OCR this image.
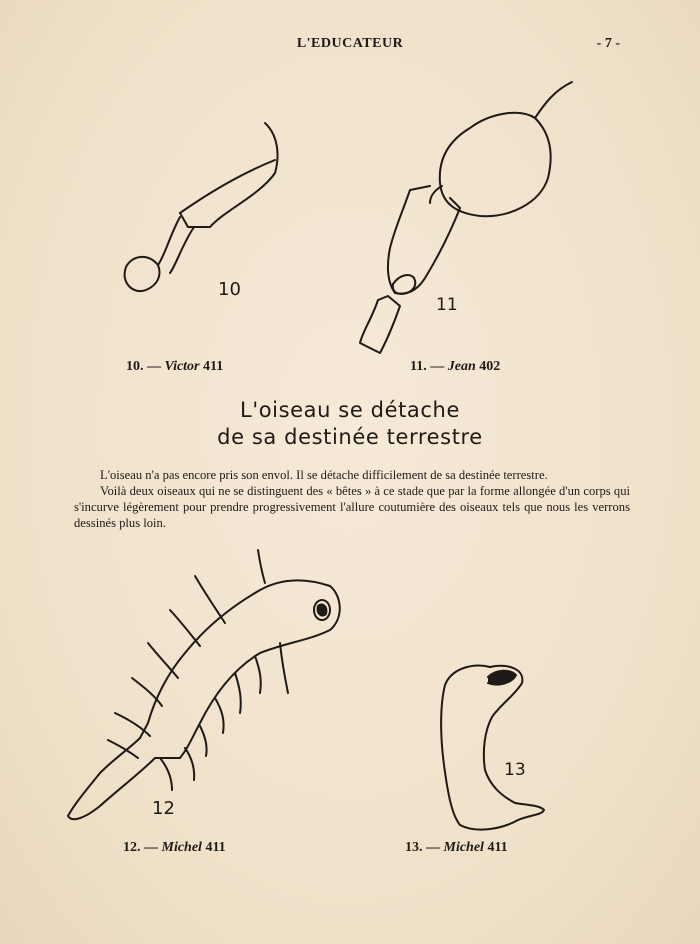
L'EDUCATEUR	- 7 -
10
11
10. — Victor 411	11. — Jean 402
L'oiseau se détache
de sa destinée terrestre

L'oiseau n'a pas encore pris son envol. Il se détache difficilement de sa destinée terrestre.

Voilà deux oiseaux qui ne se distinguent des « bêtes » à ce stade que par la forme allongée d'un corps qui s'incurve légèrement pour prendre progressivement l'allure coutumière des oiseaux tels que nous les verrons dessinés plus loin.

12
13
12. — Michel 411	13. — Michel 411
